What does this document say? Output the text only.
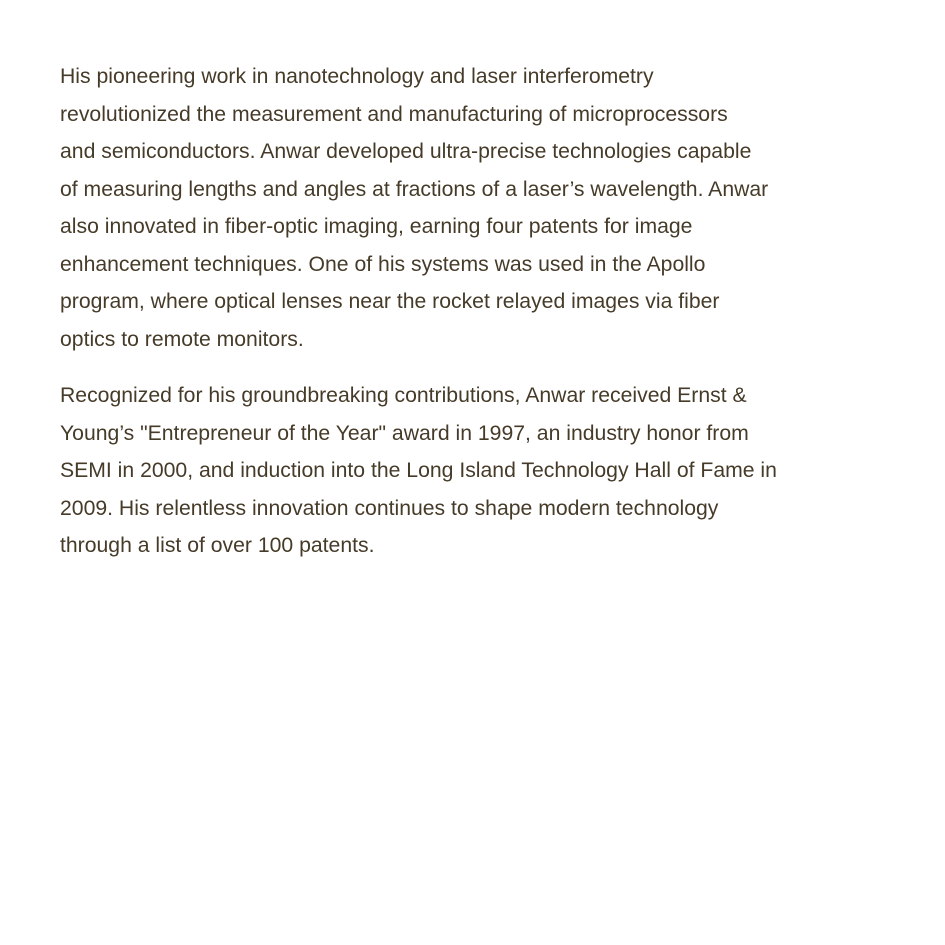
His pioneering work in nanotechnology and laser interferometry
revolutionized the measurement and manufacturing of microprocessors
and semiconductors. Anwar developed ultra-precise technologies capable
of measuring lengths and angles at fractions of a laser’s wavelength. Anwar
also innovated in fiber-optic imaging, earning four patents for image
enhancement techniques. One of his systems was used in the Apollo
program, where optical lenses near the rocket relayed images via fiber
optics to remote monitors.

Recognized for his groundbreaking contributions, Anwar received Ernst &
Young’s "Entrepreneur of the Year" award in 1997, an industry honor from
SEMI in 2000, and induction into the Long Island Technology Hall of Fame in
2009. His relentless innovation continues to shape modern technology
through a list of over 100 patents.
